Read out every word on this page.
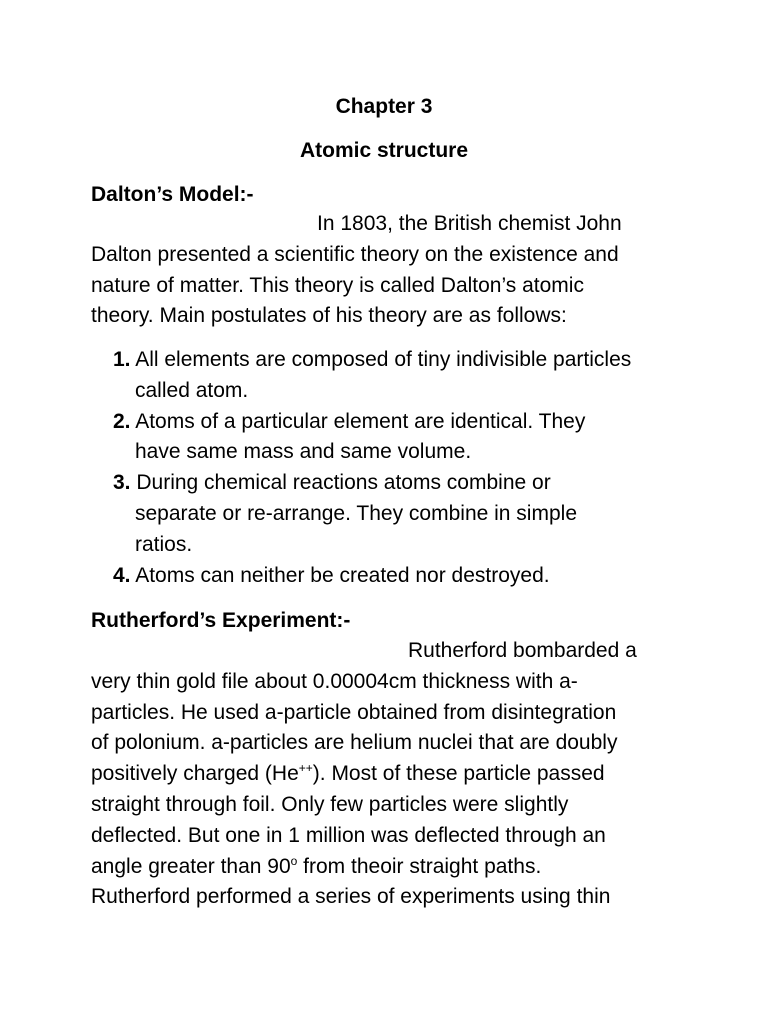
Chapter 3
Atomic structure
Dalton’s Model:-
In 1803, the British chemist John
Dalton presented a scientific theory on the existence and
nature of matter. This theory is called Dalton’s atomic
theory. Main postulates of his theory are as follows:
1. All elements are composed of tiny indivisible particles
called atom.
2. Atoms of a particular element are identical. They
have same mass and same volume.
3. During chemical reactions atoms combine or
separate or re-arrange. They combine in simple
ratios.
4. Atoms can neither be created nor destroyed.
Rutherford’s Experiment:-
Rutherford bombarded a
very thin gold file about 0.00004cm thickness with a-
particles. He used a-particle obtained from disintegration
of polonium. a-particles are helium nuclei that are doubly
positively charged (He++). Most of these particle passed
straight through foil. Only few particles were slightly
deflected. But one in 1 million was deflected through an
angle greater than 90$^o$ from theoir straight paths.
Rutherford performed a series of experiments using thin
